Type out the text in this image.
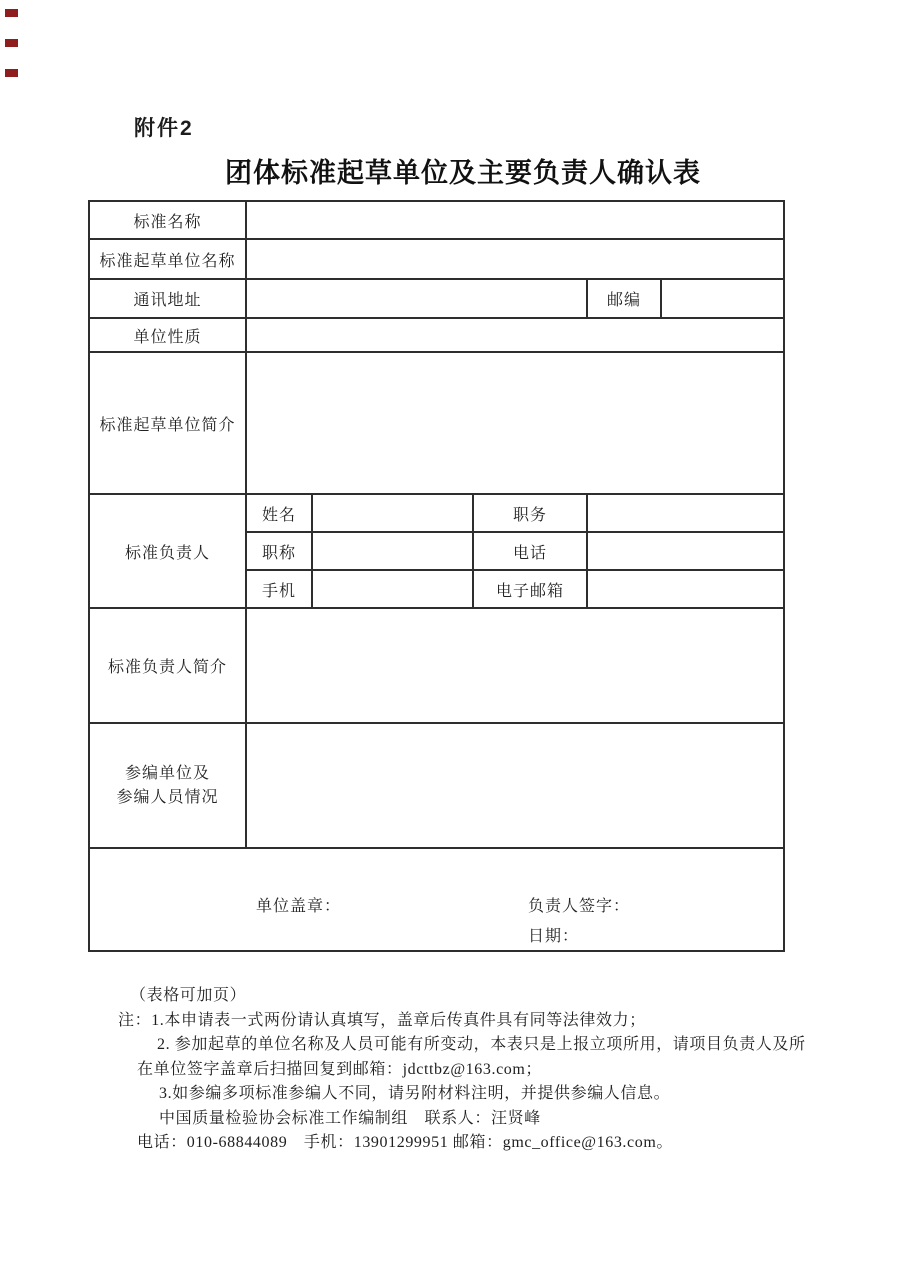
附件2
团体标准起草单位及主要负责人确认表
标准名称					
标准起草单位名称					
通讯地址				邮编	
单位性质					
标准起草单位简介					
标准负责人	姓名		职务		
	职称		电话		
	手机		电子邮箱		
标准负责人简介					

参编单位及
参编人员情况					

单位盖章： 负责人签字：
日期：					
（表格可加页）
注：1.本申请表一式两份请认真填写，盖章后传真件具有同等法律效力；
2. 参加起草的单位名称及人员可能有所变动，本表只是上报立项所用，请项目负责人及所
在单位签字盖章后扫描回复到邮箱：jdcttbz@163.com；
3.如参编多项标准参编人不同，请另附材料注明，并提供参编人信息。
中国质量检验协会标准工作编制组　联系人：汪贤峰
电话：010-68844089　手机：13901299951 邮箱：gmc_office@163.com。
